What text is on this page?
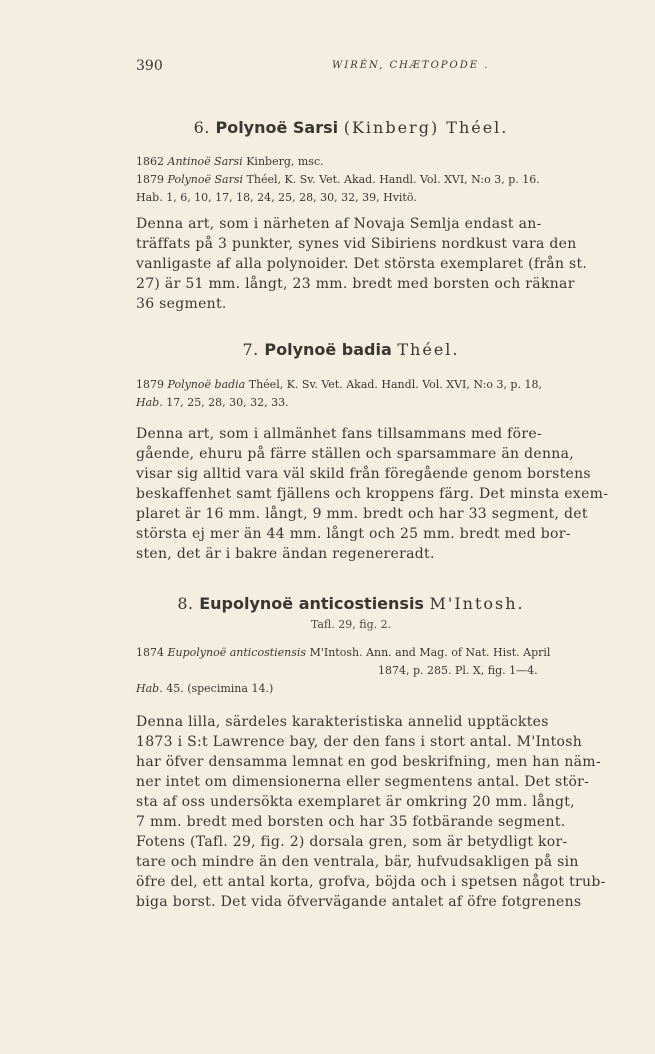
390	WIRÉN, CHÆTOPODE .
6. Polynoë Sarsi (Kinberg) Théel.
1862 Antinoë Sarsi Kinberg, msc.
1879 Polynoë Sarsi Théel, K. Sv. Vet. Akad. Handl. Vol. XVI, N:o 3, p. 16.
Hab. 1, 6, 10, 17, 18, 24, 25, 28, 30, 32, 39, Hvitö.
Denna art, som i närheten af Novaja Semlja endast an-
träffats på 3 punkter, synes vid Sibiriens nordkust vara den
vanligaste af alla polynoider. Det största exemplaret (från st.
27) är 51 mm. långt, 23 mm. bredt med borsten och räknar
36 segment.
7. Polynoë badia Théel.
1879 Polynoë badia Théel, K. Sv. Vet. Akad. Handl. Vol. XVI, N:o 3, p. 18,
Hab. 17, 25, 28, 30, 32, 33.
Denna art, som i allmänhet fans tillsammans med före-
gående, ehuru på färre ställen och sparsammare än denna,
visar sig alltid vara väl skild från föregående genom borstens
beskaffenhet samt fjällens och kroppens färg. Det minsta exem-
plaret är 16 mm. långt, 9 mm. bredt och har 33 segment, det
största ej mer än 44 mm. långt och 25 mm. bredt med bor-
sten, det är i bakre ändan regenereradt.
8. Eupolynoë anticostiensis M'Intosh.
Tafl. 29, fig. 2.
1874 Eupolynoë anticostiensis M'Intosh. Ann. and Mag. of Nat. Hist. April
1874, p. 285. Pl. X, fig. 1—4.
Hab. 45. (specimina 14.)
Denna lilla, särdeles karakteristiska annelid upptäcktes
1873 i S:t Lawrence bay, der den fans i stort antal. M'Intosh
har öfver densamma lemnat en god beskrifning, men han näm-
ner intet om dimensionerna eller segmentens antal. Det stör-
sta af oss undersökta exemplaret är omkring 20 mm. långt,
7 mm. bredt med borsten och har 35 fotbärande segment.
Fotens (Tafl. 29, fig. 2) dorsala gren, som är betydligt kor-
tare och mindre än den ventrala, bär, hufvudsakligen på sin
öfre del, ett antal korta, grofva, böjda och i spetsen något trub-
biga borst. Det vida öfvervägande antalet af öfre fotgrenens
